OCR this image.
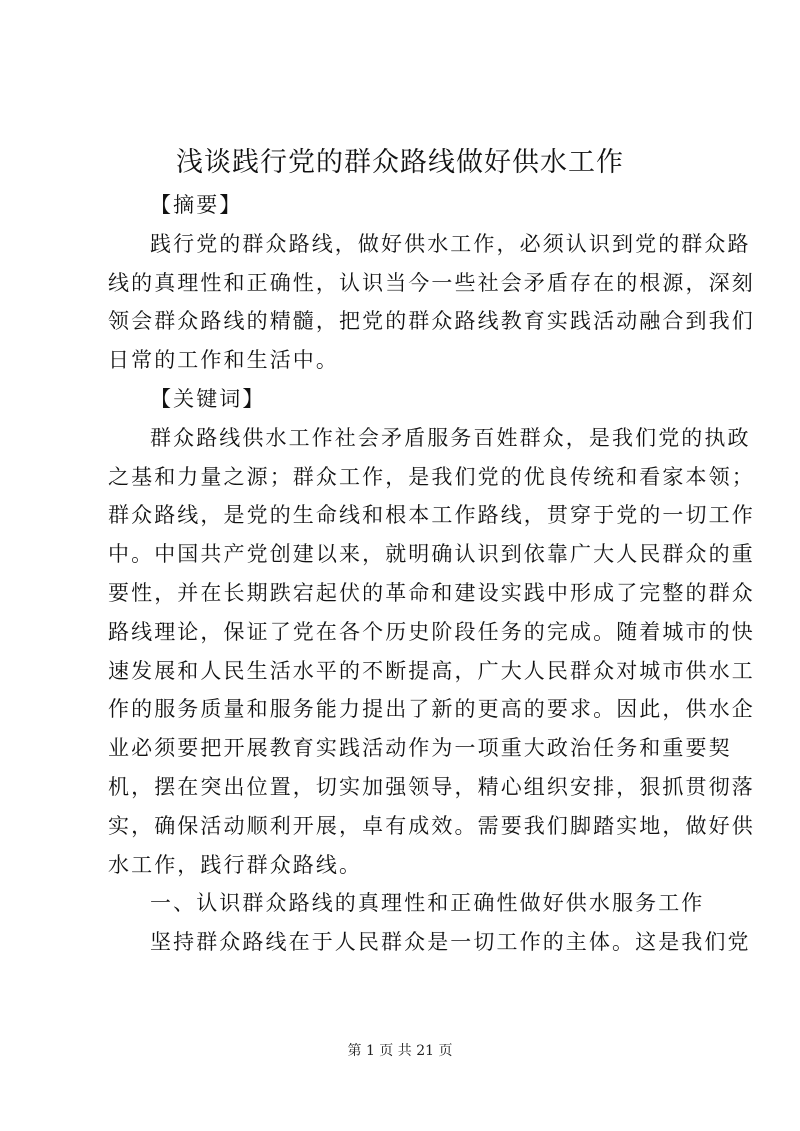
浅谈践行党的群众路线做好供水工作
【摘要】
践行党的群众路线，做好供水工作，必须认识到党的群众路
线的真理性和正确性，认识当今一些社会矛盾存在的根源，深刻
领会群众路线的精髓，把党的群众路线教育实践活动融合到我们
日常的工作和生活中。
【关键词】
群众路线供水工作社会矛盾服务百姓群众，是我们党的执政
之基和力量之源；群众工作，是我们党的优良传统和看家本领；
群众路线，是党的生命线和根本工作路线，贯穿于党的一切工作
中。中国共产党创建以来，就明确认识到依靠广大人民群众的重
要性，并在长期跌宕起伏的革命和建设实践中形成了完整的群众
路线理论，保证了党在各个历史阶段任务的完成。随着城市的快
速发展和人民生活水平的不断提高，广大人民群众对城市供水工
作的服务质量和服务能力提出了新的更高的要求。因此，供水企
业必须要把开展教育实践活动作为一项重大政治任务和重要契
机，摆在突出位置，切实加强领导，精心组织安排，狠抓贯彻落
实，确保活动顺利开展，卓有成效。需要我们脚踏实地，做好供
水工作，践行群众路线。
一、认识群众路线的真理性和正确性做好供水服务工作
坚持群众路线在于人民群众是一切工作的主体。这是我们党
第 1 页 共 21 页
